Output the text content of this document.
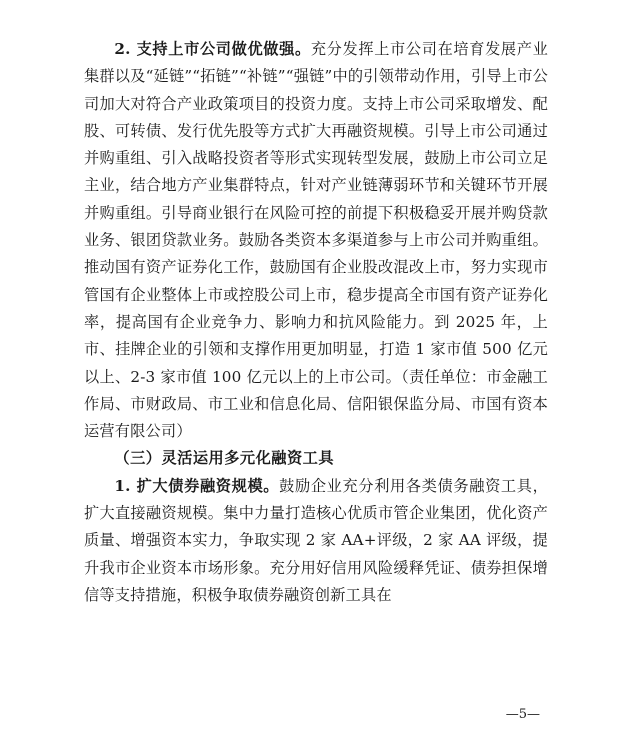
2. 支持上市公司做优做强。充分发挥上市公司在培育发展产业集群以及“延链”“拓链”“补链”“强链”中的引领带动作用，引导上市公司加大对符合产业政策项目的投资力度。支持上市公司采取增发、配股、可转债、发行优先股等方式扩大再融资规模。引导上市公司通过并购重组、引入战略投资者等形式实现转型发展，鼓励上市公司立足主业，结合地方产业集群特点，针对产业链薄弱环节和关键环节开展并购重组。引导商业银行在风险可控的前提下积极稳妥开展并购贷款业务、银团贷款业务。鼓励各类资本多渠道参与上市公司并购重组。推动国有资产证券化工作，鼓励国有企业股改混改上市，努力实现市管国有企业整体上市或控股公司上市，稳步提高全市国有资产证券化率，提高国有企业竞争力、影响力和抗风险能力。到 2025 年，上市、挂牌企业的引领和支撑作用更加明显，打造 1 家市值 500 亿元以上、2-3 家市值 100 亿元以上的上市公司。（责任单位：市金融工作局、市财政局、市工业和信息化局、信阳银保监分局、市国有资本运营有限公司）

（三）灵活运用多元化融资工具

1. 扩大债券融资规模。鼓励企业充分利用各类债务融资工具，扩大直接融资规模。集中力量打造核心优质市管企业集团，优化资产质量、增强资本实力，争取实现 2 家 AA+评级，2 家 AA 评级，提升我市企业资本市场形象。充分用好信用风险缓释凭证、债券担保增信等支持措施，积极争取债券融资创新工具在

—5—
